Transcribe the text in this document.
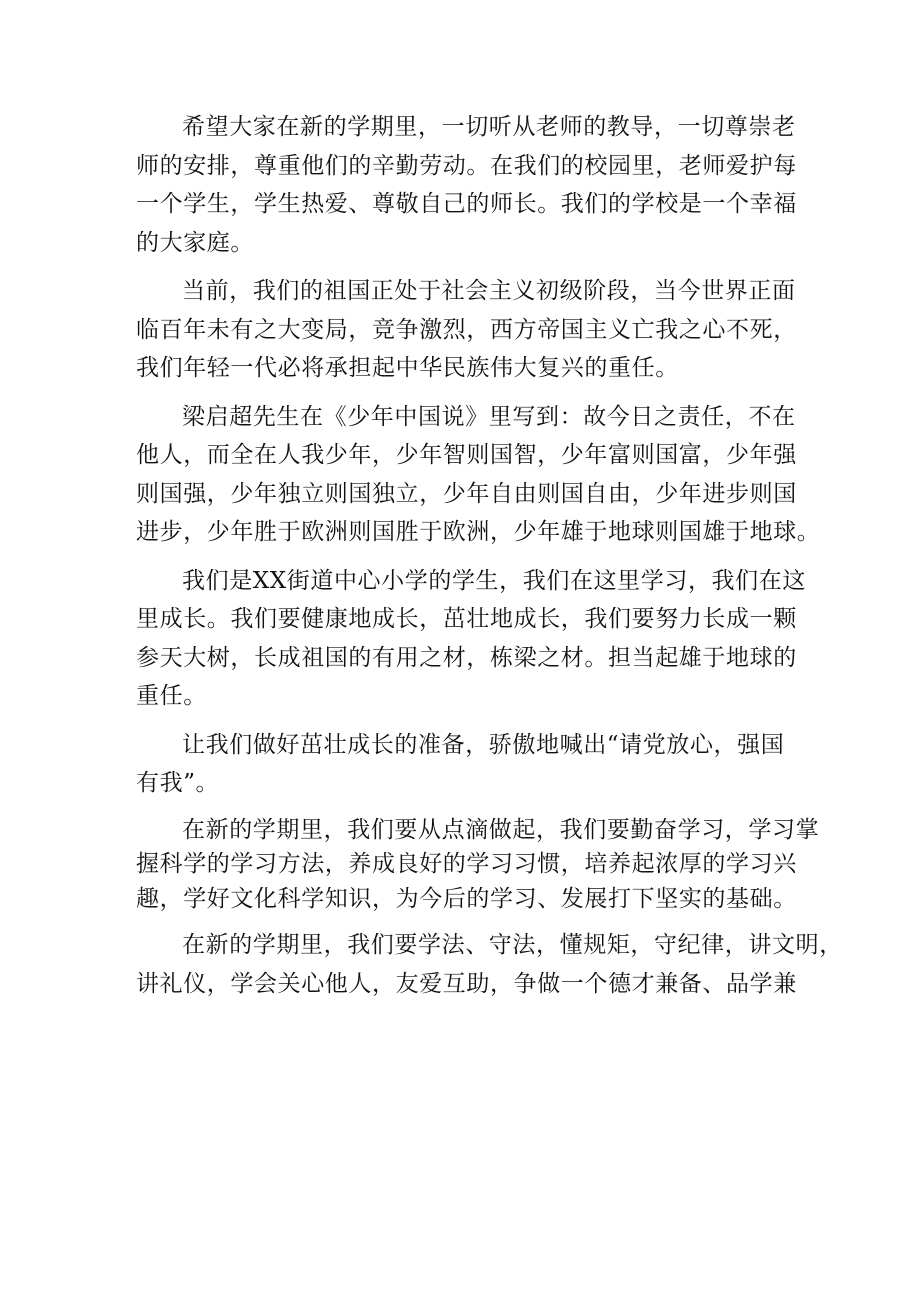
希望大家在新的学期里，一切听从老师的教导，一切尊崇老
师的安排，尊重他们的辛勤劳动。在我们的校园里，老师爱护每
一个学生，学生热爱、尊敬自己的师长。我们的学校是一个幸福
的大家庭。

当前，我们的祖国正处于社会主义初级阶段，当今世界正面
临百年未有之大变局，竞争激烈，西方帝国主义亡我之心不死，
我们年轻一代必将承担起中华民族伟大复兴的重任。

梁启超先生在《少年中国说》里写到：故今日之责任，不在
他人，而全在人我少年，少年智则国智，少年富则国富，少年强
则国强，少年独立则国独立，少年自由则国自由，少年进步则国
进步，少年胜于欧洲则国胜于欧洲，少年雄于地球则国雄于地球。

我们是XX街道中心小学的学生，我们在这里学习，我们在这
里成长。我们要健康地成长，茁壮地成长，我们要努力长成一颗
参天大树，长成祖国的有用之材，栋梁之材。担当起雄于地球的
重任。

让我们做好茁壮成长的准备，骄傲地喊出“请党放心，强国
有我”。

在新的学期里，我们要从点滴做起，我们要勤奋学习，学习掌
握科学的学习方法，养成良好的学习习惯，培养起浓厚的学习兴
趣，学好文化科学知识，为今后的学习、发展打下坚实的基础。

在新的学期里，我们要学法、守法，懂规矩，守纪律，讲文明，
讲礼仪，学会关心他人，友爱互助，争做一个德才兼备、品学兼
